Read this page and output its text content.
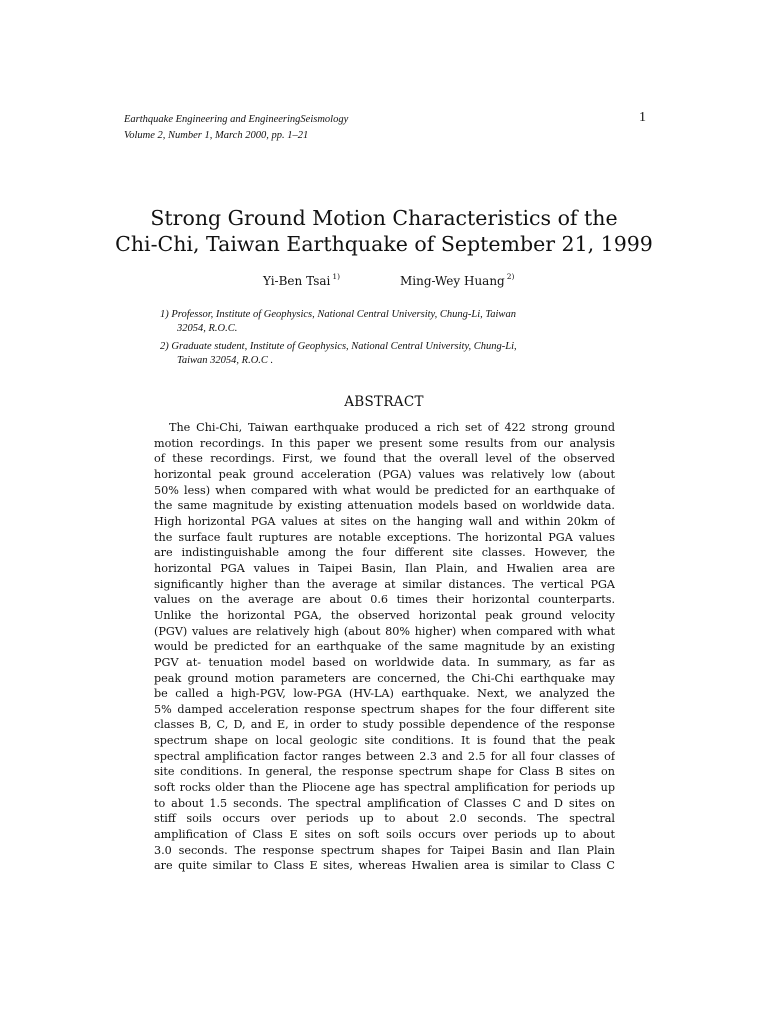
Earthquake Engineering and EngineeringSeismology
Volume 2, Number 1, March 2000, pp. 1–21
1
Strong Ground Motion Characteristics of the
Chi-Chi, Taiwan Earthquake of September 21, 1999
Yi-Ben Tsai $^{1)}$	Ming-Wey Huang $^{2)}$
1) Professor, Institute of Geophysics, National Central University, Chung-Li, Taiwan
32054, R.O.C.
2) Graduate student, Institute of Geophysics, National Central University, Chung-Li,
Taiwan 32054, R.O.C .
ABSTRACT
The Chi-Chi, Taiwan earthquake produced a rich set of 422 strong ground
motion recordings. In this paper we present some results from our analysis
of these recordings. First, we found that the overall level of the observed
horizontal peak ground acceleration (PGA) values was relatively low (about
50% less) when compared with what would be predicted for an earthquake of
the same magnitude by existing attenuation models based on worldwide data.
High horizontal PGA values at sites on the hanging wall and within 20km of
the surface fault ruptures are notable exceptions. The horizontal PGA values
are indistinguishable among the four different site classes. However, the
horizontal PGA values in Taipei Basin, Ilan Plain, and Hwalien area are
significantly higher than the average at similar distances. The vertical PGA
values on the average are about 0.6 times their horizontal counterparts.
Unlike the horizontal PGA, the observed horizontal peak ground velocity
(PGV) values are relatively high (about 80% higher) when compared with what
would be predicted for an earthquake of the same magnitude by an existing
PGV at- tenuation model based on worldwide data. In summary, as far as
peak ground motion parameters are concerned, the Chi-Chi earthquake may
be called a high-PGV, low-PGA (HV-LA) earthquake. Next, we analyzed the
5% damped acceleration response spectrum shapes for the four different site
classes B, C, D, and E, in order to study possible dependence of the response
spectrum shape on local geologic site conditions. It is found that the peak
spectral amplification factor ranges between 2.3 and 2.5 for all four classes of
site conditions. In general, the response spectrum shape for Class B sites on
soft rocks older than the Pliocene age has spectral amplification for periods up
to about 1.5 seconds. The spectral amplification of Classes C and D sites on
stiff soils occurs over periods up to about 2.0 seconds. The spectral
amplification of Class E sites on soft soils occurs over periods up to about
3.0 seconds. The response spectrum shapes for Taipei Basin and Ilan Plain
are quite similar to Class E sites, whereas Hwalien area is similar to Class C
